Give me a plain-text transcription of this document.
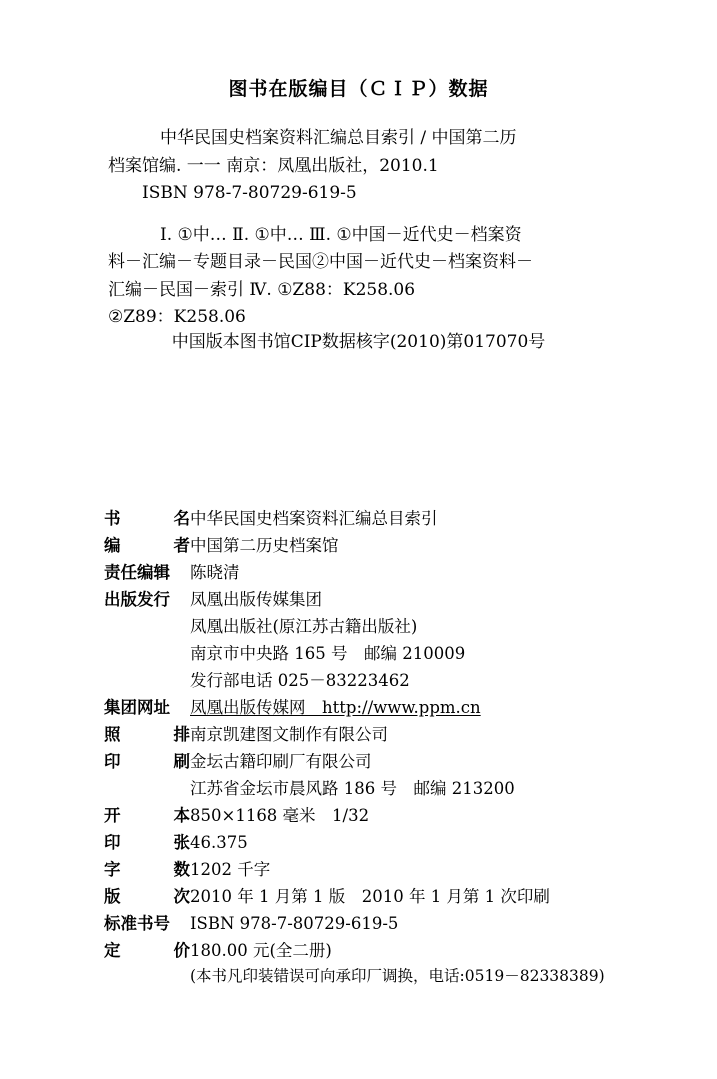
图书在版编目（ＣＩＰ）数据
中华民国史档案资料汇编总目索引 / 中国第二历
档案馆编. 一一 南京：凤凰出版社，2010.1
ISBN 978-7-80729-619-5
Ⅰ. ①中… Ⅱ. ①中… Ⅲ. ①中国－近代史－档案资
料－汇编－专题目录－民国②中国－近代史－档案资料－
汇编－民国－索引 Ⅳ. ①Z88：K258.06
②Z89：K258.06
中国版本图书馆CIP数据核字(2010)第017070号
书	名 中华民国史档案资料汇编总目索引
编	者 中国第二历史档案馆
责任编辑 陈晓清
出版发行 凤凰出版传媒集团
凤凰出版社(原江苏古籍出版社)
南京市中央路 165 号　邮编 210009
发行部电话 025－83223462
集团网址 凤凰出版传媒网　http://www.ppm.cn
照	排 南京凯建图文制作有限公司
印	刷 金坛古籍印刷厂有限公司
江苏省金坛市晨风路 186 号　邮编 213200
开	本 850×1168 毫米　1/32
印	张 46.375
字	数 1202 千字
版	次 2010 年 1 月第 1 版　2010 年 1 月第 1 次印刷
标准书号 ISBN 978-7-80729-619-5
定	价 180.00 元(全二册)
(本书凡印装错误可向承印厂调换，电话:0519－82338389)
